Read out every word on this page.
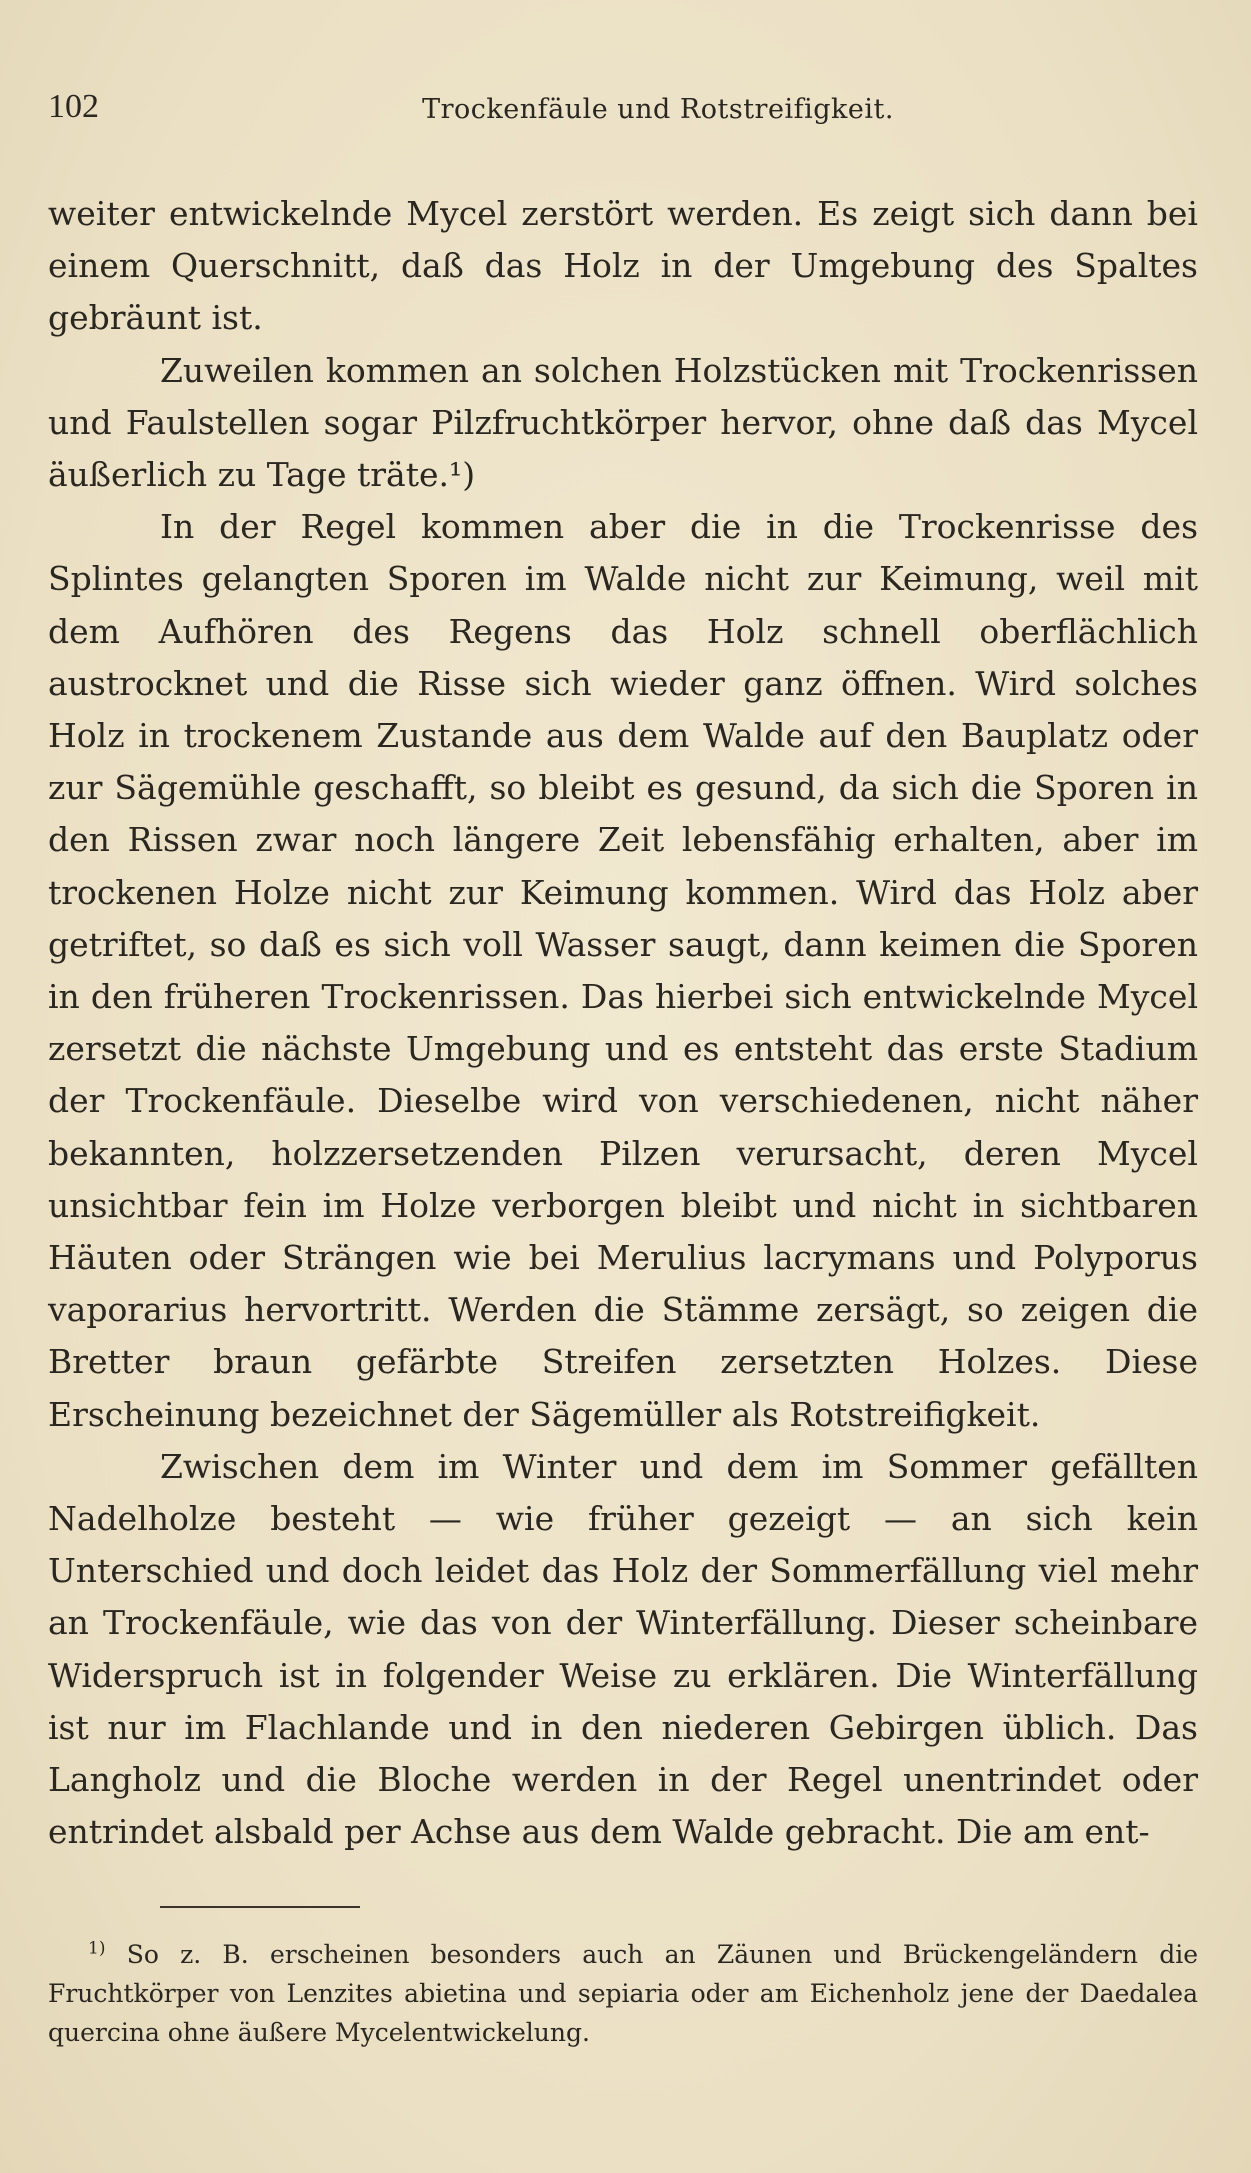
102	Trockenfäule und Rotstreifigkeit.

weiter entwickelnde Mycel zerstört werden. Es zeigt sich dann bei einem Querschnitt, daß das Holz in der Umgebung des Spaltes gebräunt ist.

Zuweilen kommen an solchen Holzstücken mit Trockenrissen und Faulstellen sogar Pilzfruchtkörper hervor, ohne daß das Mycel äußerlich zu Tage träte.¹)

In der Regel kommen aber die in die Trockenrisse des Splintes gelangten Sporen im Walde nicht zur Keimung, weil mit dem Aufhören des Regens das Holz schnell oberflächlich austrocknet und die Risse sich wieder ganz öffnen. Wird solches Holz in trockenem Zustande aus dem Walde auf den Bauplatz oder zur Sägemühle geschafft, so bleibt es gesund, da sich die Sporen in den Rissen zwar noch längere Zeit lebensfähig erhalten, aber im trockenen Holze nicht zur Keimung kommen. Wird das Holz aber getriftet, so daß es sich voll Wasser saugt, dann keimen die Sporen in den früheren Trockenrissen. Das hierbei sich entwickelnde Mycel zersetzt die nächste Umgebung und es entsteht das erste Stadium der Trockenfäule. Dieselbe wird von verschiedenen, nicht näher bekannten, holzzersetzenden Pilzen verursacht, deren Mycel unsichtbar fein im Holze verborgen bleibt und nicht in sichtbaren Häuten oder Strängen wie bei Merulius lacrymans und Polyporus vaporarius hervortritt. Werden die Stämme zersägt, so zeigen die Bretter braun gefärbte Streifen zersetzten Holzes. Diese Erscheinung bezeichnet der Sägemüller als Rotstreifigkeit.

Zwischen dem im Winter und dem im Sommer gefällten Nadelholze besteht — wie früher gezeigt — an sich kein Unterschied und doch leidet das Holz der Sommerfällung viel mehr an Trockenfäule, wie das von der Winterfällung. Dieser scheinbare Widerspruch ist in folgender Weise zu erklären. Die Winterfällung ist nur im Flachlande und in den niederen Gebirgen üblich. Das Langholz und die Bloche werden in der Regel unentrindet oder entrindet alsbald per Achse aus dem Walde gebracht. Die am ent-

$^{1)}$ So z. B. erscheinen besonders auch an Zäunen und Brückengeländern die Fruchtkörper von Lenzites abietina und sepiaria oder am Eichenholz jene der Daedalea quercina ohne äußere Mycelentwickelung.
